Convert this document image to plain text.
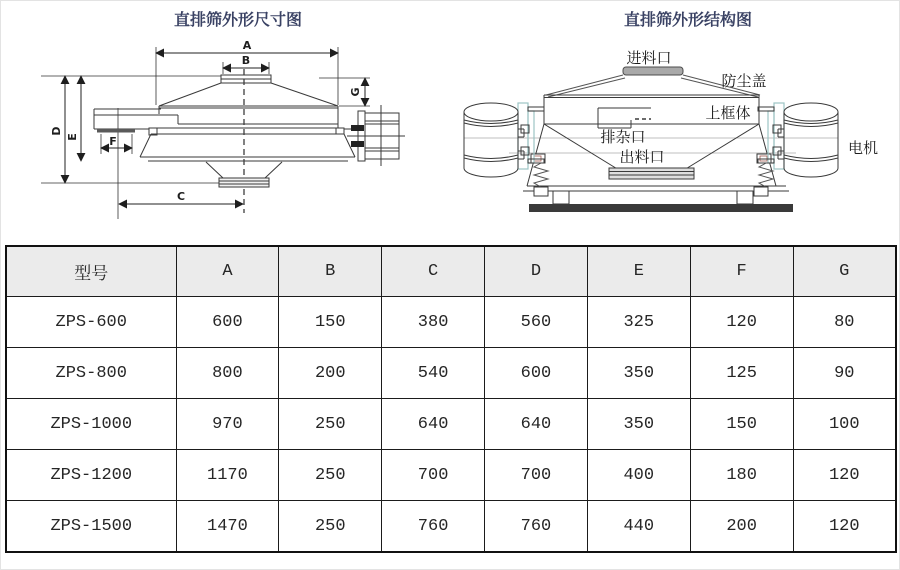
直排筛外形尺寸图
A
B
C
D
E	F
G
直排筛外形结构图
进料口
防尘盖
上框体
排杂口
出料口
电机
型号	A	B	C	D	E	F	G
ZPS-600	600	150	380	560	325	120	80
ZPS-800	800	200	540	600	350	125	90
ZPS-1000	970	250	640	640	350	150	100
ZPS-1200	1170	250	700	700	400	180	120
ZPS-1500	1470	250	760	760	440	200	120
